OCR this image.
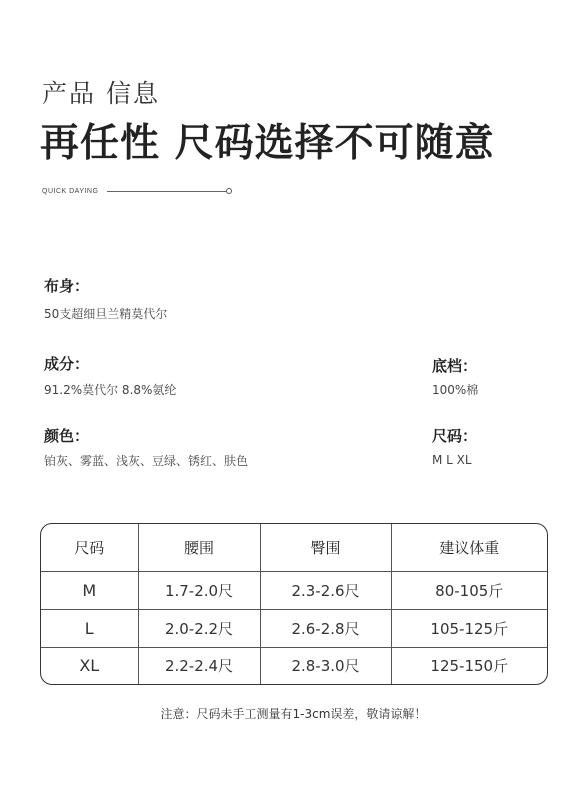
产品 信息
再任性 尺码选择不可随意
QUICK DAYING
布身：
50支超细旦兰精莫代尔
成分：
91.2%莫代尔 8.8%氨纶
底档：
100%棉
颜色：
铂灰、雾蓝、浅灰、豆绿、锈红、肤色
尺码：
M L XL
尺码	腰围	臀围	建议体重
M	1.7-2.0尺	2.3-2.6尺	80-105斤
L	2.0-2.2尺	2.6-2.8尺	105-125斤
XL	2.2-2.4尺	2.8-3.0尺	125-150斤
注意：尺码未手工测量有1-3cm误差，敬请谅解！
